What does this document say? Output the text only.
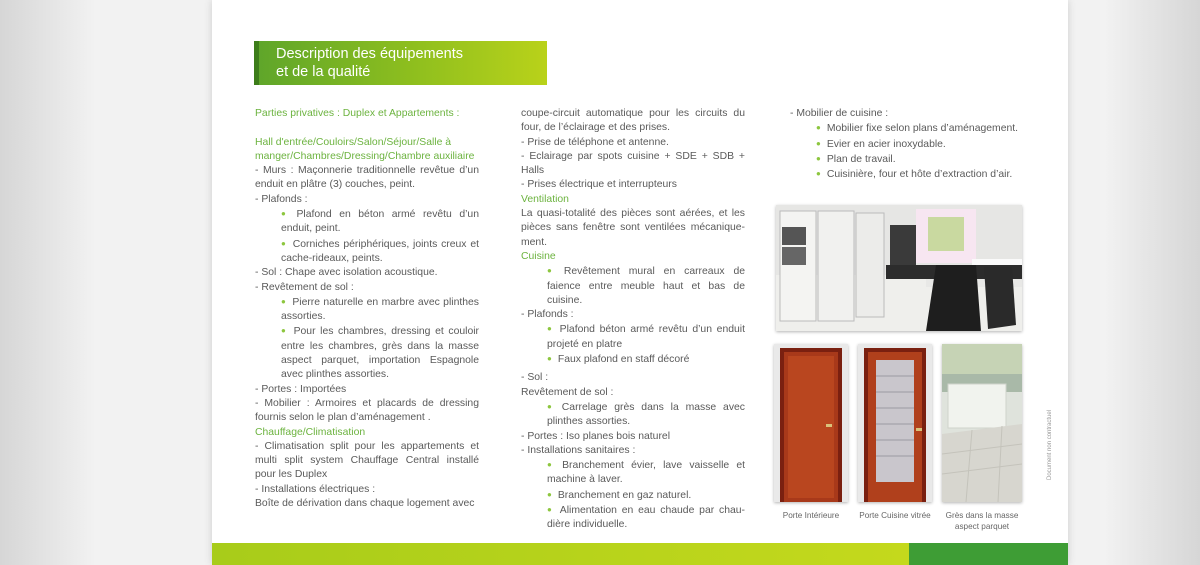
Description des équipements
et de la qualité

Parties privatives : Duplex et Appartements :

Hall d'entrée/Couloirs/Salon/Séjour/Salle à manger/Chambres/Dressing/Chambre auxiliaire

- Murs : Maçonnerie traditionnelle revêtue d’un enduit en plâtre (3) couches, peint.

- Plafonds :

● Plafond en béton armé revêtu d’un enduit, peint.

● Corniches périphériques, joints creux et cache-rideaux, peints.

- Sol : Chape avec isolation acoustique.

- Revêtement de sol :

● Pierre naturelle en marbre avec plinthes assorties.

● Pour les chambres, dressing et couloir entre les chambres, grès dans la masse aspect parquet, importation Espagnole avec plinthes assorties.

- Portes : Importées

- Mobilier : Armoires et placards de dressing fournis selon le plan d’aménagement .

Chauffage/Climatisation

- Climatisation split pour les appartements et multi split system Chauffage Central installé pour les Duplex

- Installations électriques :

Boîte de dérivation dans chaque logement avec

coupe-circuit automatique pour les circuits du four, de l’éclairage et des prises.

- Prise de téléphone et antenne.

- Eclairage par spots cuisine + SDE + SDB + Halls

- Prises électrique et interrupteurs

Ventilation

La quasi-totalité des pièces sont aérées, et les pièces sans fenêtre sont ventilées mécanique-ment.

Cuisine

● Revêtement mural en carreaux de faience entre meuble haut et bas de cuisine.

- Plafonds :

● Plafond béton armé revêtu d’un enduit projeté en platre

● Faux plafond en staff décoré

- Sol :

Revêtement de sol :

● Carrelage grès dans la masse avec plinthes assorties.

- Portes : Iso planes bois naturel

- Installations sanitaires :

● Branchement évier, lave vaisselle et machine à laver.

● Branchement en gaz naturel.

● Alimentation en eau chaude par chau-dière individuelle.

- Mobilier de cuisine :

● Mobilier fixe selon plans d’aménagement.

● Evier en acier inoxydable.

● Plan de travail.

● Cuisinière, four et hôte d’extraction d’air.

Porte Intérieure	Porte Cuisine vitrée	Grès dans la masse aspect parquet
Document non contractuel
